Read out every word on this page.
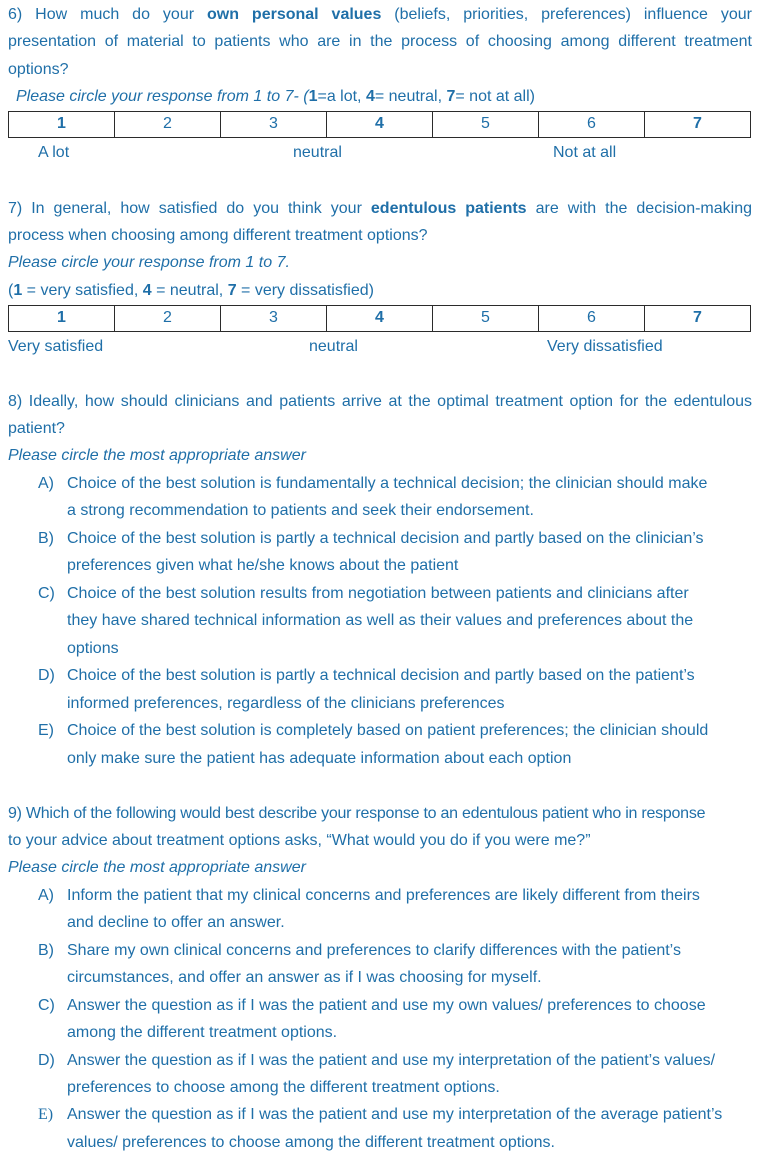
6) How much do your own personal values (beliefs, priorities, preferences) influence your
presentation of material to patients who are in the process of choosing among different treatment
options?
Please circle your response from 1 to 7- (1=a lot, 4= neutral, 7= not at all)
1	2	3	4	5	6	7
A lot	neutral	Not at all
7) In general, how satisfied do you think your edentulous patients are with the decision-making
process when choosing among different treatment options?
Please circle your response from 1 to 7.
(1 = very satisfied, 4 = neutral, 7 = very dissatisfied)
1	2	3	4	5	6	7
Very satisfied	neutral	Very dissatisfied
8) Ideally, how should clinicians and patients arrive at the optimal treatment option for the edentulous
patient?
Please circle the most appropriate answer
A) Choice of the best solution is fundamentally a technical decision; the clinician should make
a strong recommendation to patients and seek their endorsement.
B) Choice of the best solution is partly a technical decision and partly based on the clinician’s
preferences given what he/she knows about the patient
C) Choice of the best solution results from negotiation between patients and clinicians after
they have shared technical information as well as their values and preferences about the
options
D) Choice of the best solution is partly a technical decision and partly based on the patient’s
informed preferences, regardless of the clinicians preferences
E) Choice of the best solution is completely based on patient preferences; the clinician should
only make sure the patient has adequate information about each option
9) Which of the following would best describe your response to an edentulous patient who in response
to your advice about treatment options asks, “What would you do if you were me?”
Please circle the most appropriate answer
A) Inform the patient that my clinical concerns and preferences are likely different from theirs
and decline to offer an answer.
B) Share my own clinical concerns and preferences to clarify differences with the patient’s
circumstances, and offer an answer as if I was choosing for myself.
C) Answer the question as if I was the patient and use my own values/ preferences to choose
among the different treatment options.
D) Answer the question as if I was the patient and use my interpretation of the patient’s values/
preferences to choose among the different treatment options.
E) Answer the question as if I was the patient and use my interpretation of the average patient’s
values/ preferences to choose among the different treatment options.
